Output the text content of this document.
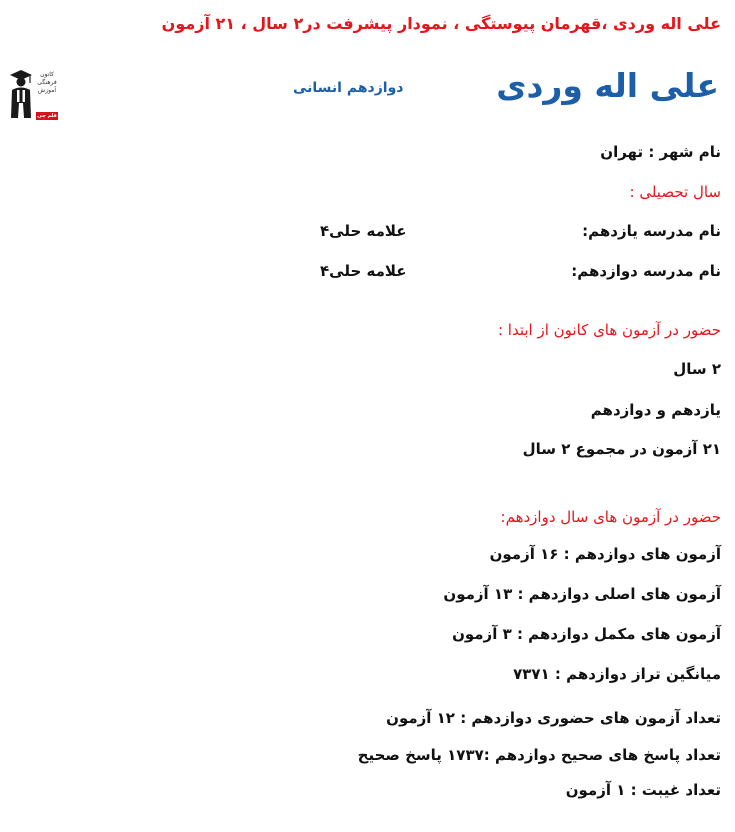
علی اله وردی ،قهرمان پیوستگی ، نمودار پیشرفت در۲ سال ، ۲۱ آزمون
علی اله وردی
دوازدهم انسانی
کانون فرهنگی آموزش
قلم چی
نام شهر : تهران
سال تحصیلی :
نام مدرسه یازدهم:
علامه حلی۴
نام مدرسه دوازدهم:
علامه حلی۴
حضور در آزمون های کانون از ابتدا :
۲ سال
یازدهم و دوازدهم
۲۱ آزمون در مجموع ۲ سال
حضور در آزمون های سال دوازدهم:
آزمون های دوازدهم : ۱۶ آزمون
آزمون های اصلی دوازدهم : ۱۳ آزمون
آزمون های مکمل دوازدهم : ۳ آزمون
میانگین تراز دوازدهم : ۷۳۷۱
تعداد آزمون های حضوری دوازدهم : ۱۲ آزمون
تعداد پاسخ های صحیح دوازدهم :۱۷۳۷ پاسخ صحیح
تعداد غیبت : ۱ آزمون
